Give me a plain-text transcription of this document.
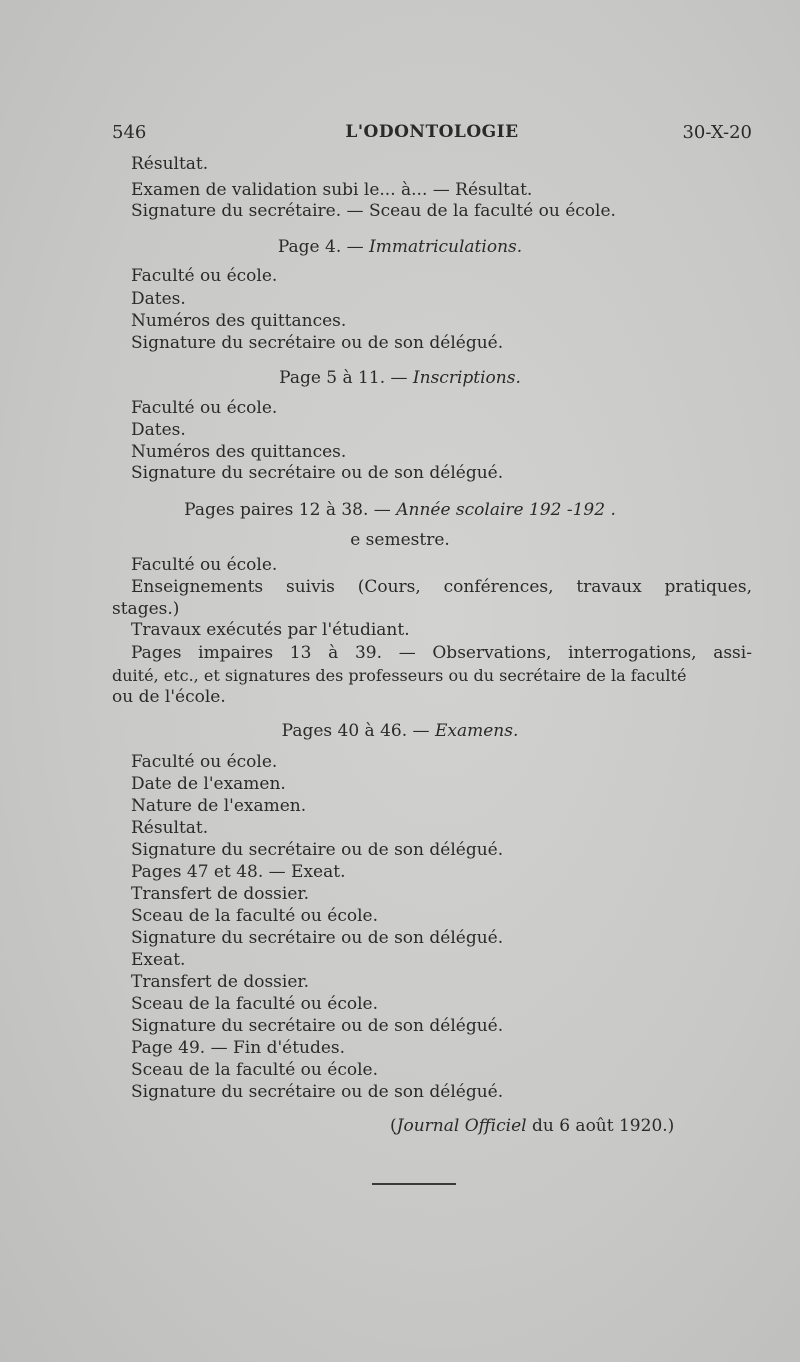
546	L'ODONTOLOGIE	30-X-20
Résultat.
Examen de validation subi le... à... — Résultat.
Signature du secrétaire. — Sceau de la faculté ou école.
Page 4. — Immatriculations.
Faculté ou école.
Dates.
Numéros des quittances.
Signature du secrétaire ou de son délégué.
Page 5 à 11. — Inscriptions.
Faculté ou école.
Dates.
Numéros des quittances.
Signature du secrétaire ou de son délégué.
Pages paires 12 à 38. — Année scolaire 192 -192 .
e semestre.
Faculté ou école.
Enseignements suivis (Cours, conférences, travaux pratiques,
stages.)
Travaux exécutés par l'étudiant.
Pages impaires 13 à 39. — Observations, interrogations, assi-
duité, etc., et signatures des professeurs ou du secrétaire de la faculté
ou de l'école.
Pages 40 à 46. — Examens.
Faculté ou école.
Date de l'examen.
Nature de l'examen.
Résultat.
Signature du secrétaire ou de son délégué.
Pages 47 et 48. — Exeat.
Transfert de dossier.
Sceau de la faculté ou école.
Signature du secrétaire ou de son délégué.
Exeat.
Transfert de dossier.
Sceau de la faculté ou école.
Signature du secrétaire ou de son délégué.
Page 49. — Fin d'études.
Sceau de la faculté ou école.
Signature du secrétaire ou de son délégué.
(Journal Officiel du 6 août 1920.)
